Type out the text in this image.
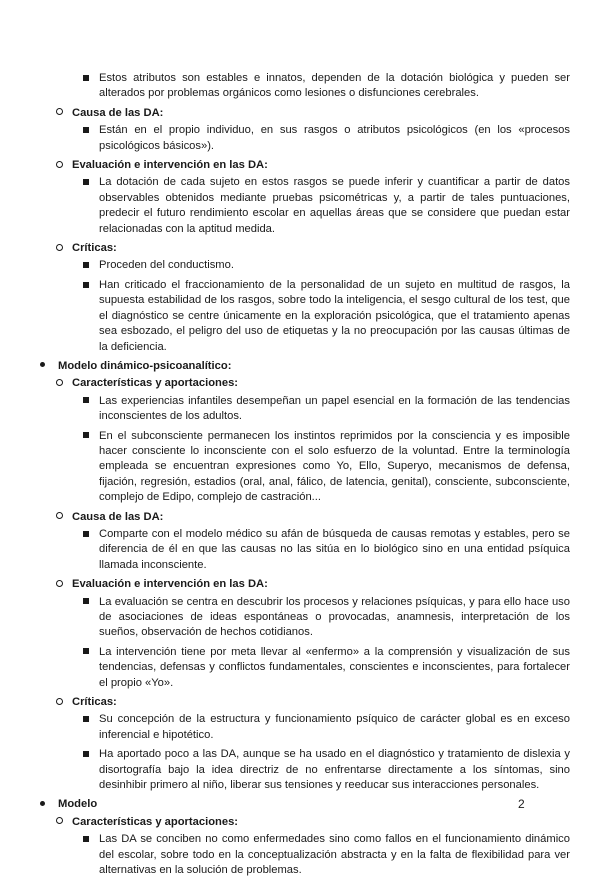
Estos atributos son estables e innatos, dependen de la dotación biológica y pueden ser alterados por problemas orgánicos como lesiones o disfunciones cerebrales.
Causa de las DA:
Están en el propio individuo, en sus rasgos o atributos psicológicos (en los «procesos psicológicos básicos»).
Evaluación e intervención en las DA:
La dotación de cada sujeto en estos rasgos se puede inferir y cuantificar a partir de datos observables obtenidos mediante pruebas psicométricas y, a partir de tales puntuaciones, predecir el futuro rendimiento escolar en aquellas áreas que se considere que puedan estar relacionadas con la aptitud medida.
Críticas:
Proceden del conductismo.
Han criticado el fraccionamiento de la personalidad de un sujeto en multitud de rasgos, la supuesta estabilidad de los rasgos, sobre todo la inteligencia, el sesgo cultural de los test, que el diagnóstico se centre únicamente en la exploración psicológica, que el tratamiento apenas sea esbozado, el peligro del uso de etiquetas y la no preocupación por las causas últimas de la deficiencia.
Modelo dinámico-psicoanalítico:
Características y aportaciones:
Las experiencias infantiles desempeñan un papel esencial en la formación de las tendencias inconscientes de los adultos.
En el subconsciente permanecen los instintos reprimidos por la consciencia y es imposible hacer consciente lo inconsciente con el solo esfuerzo de la voluntad. Entre la terminología empleada se encuentran expresiones como Yo, Ello, Superyo, mecanismos de defensa, fijación, regresión, estadios (oral, anal, fálico, de latencia, genital), consciente, subconsciente, complejo de Edipo, complejo de castración...
Causa de las DA:
Comparte con el modelo médico su afán de búsqueda de causas remotas y estables, pero se diferencia de él en que las causas no las sitúa en lo biológico sino en una entidad psíquica llamada inconsciente.
Evaluación e intervención en las DA:
La evaluación se centra en descubrir los procesos y relaciones psíquicas, y para ello hace uso de asociaciones de ideas espontáneas o provocadas, anamnesis, interpretación de los sueños, observación de hechos cotidianos.
La intervención tiene por meta llevar al «enfermo» a la comprensión y visualización de sus tendencias, defensas y conflictos fundamentales, conscientes e inconscientes, para fortalecer el propio «Yo».
Críticas:
Su concepción de la estructura y funcionamiento psíquico de carácter global es en exceso inferencial e hipotético.
Ha aportado poco a las DA, aunque se ha usado en el diagnóstico y tratamiento de dislexia y disortografía bajo la idea directriz de no enfrentarse directamente a los síntomas, sino desinhibir primero al niño, liberar sus tensiones y reeducar sus interacciones personales.
Modelo
Características y aportaciones:
Las DA se conciben no como enfermedades sino como fallos en el funcionamiento dinámico del escolar, sobre todo en la conceptualización abstracta y en la falta de flexibilidad para ver alternativas en la solución de problemas.
2
